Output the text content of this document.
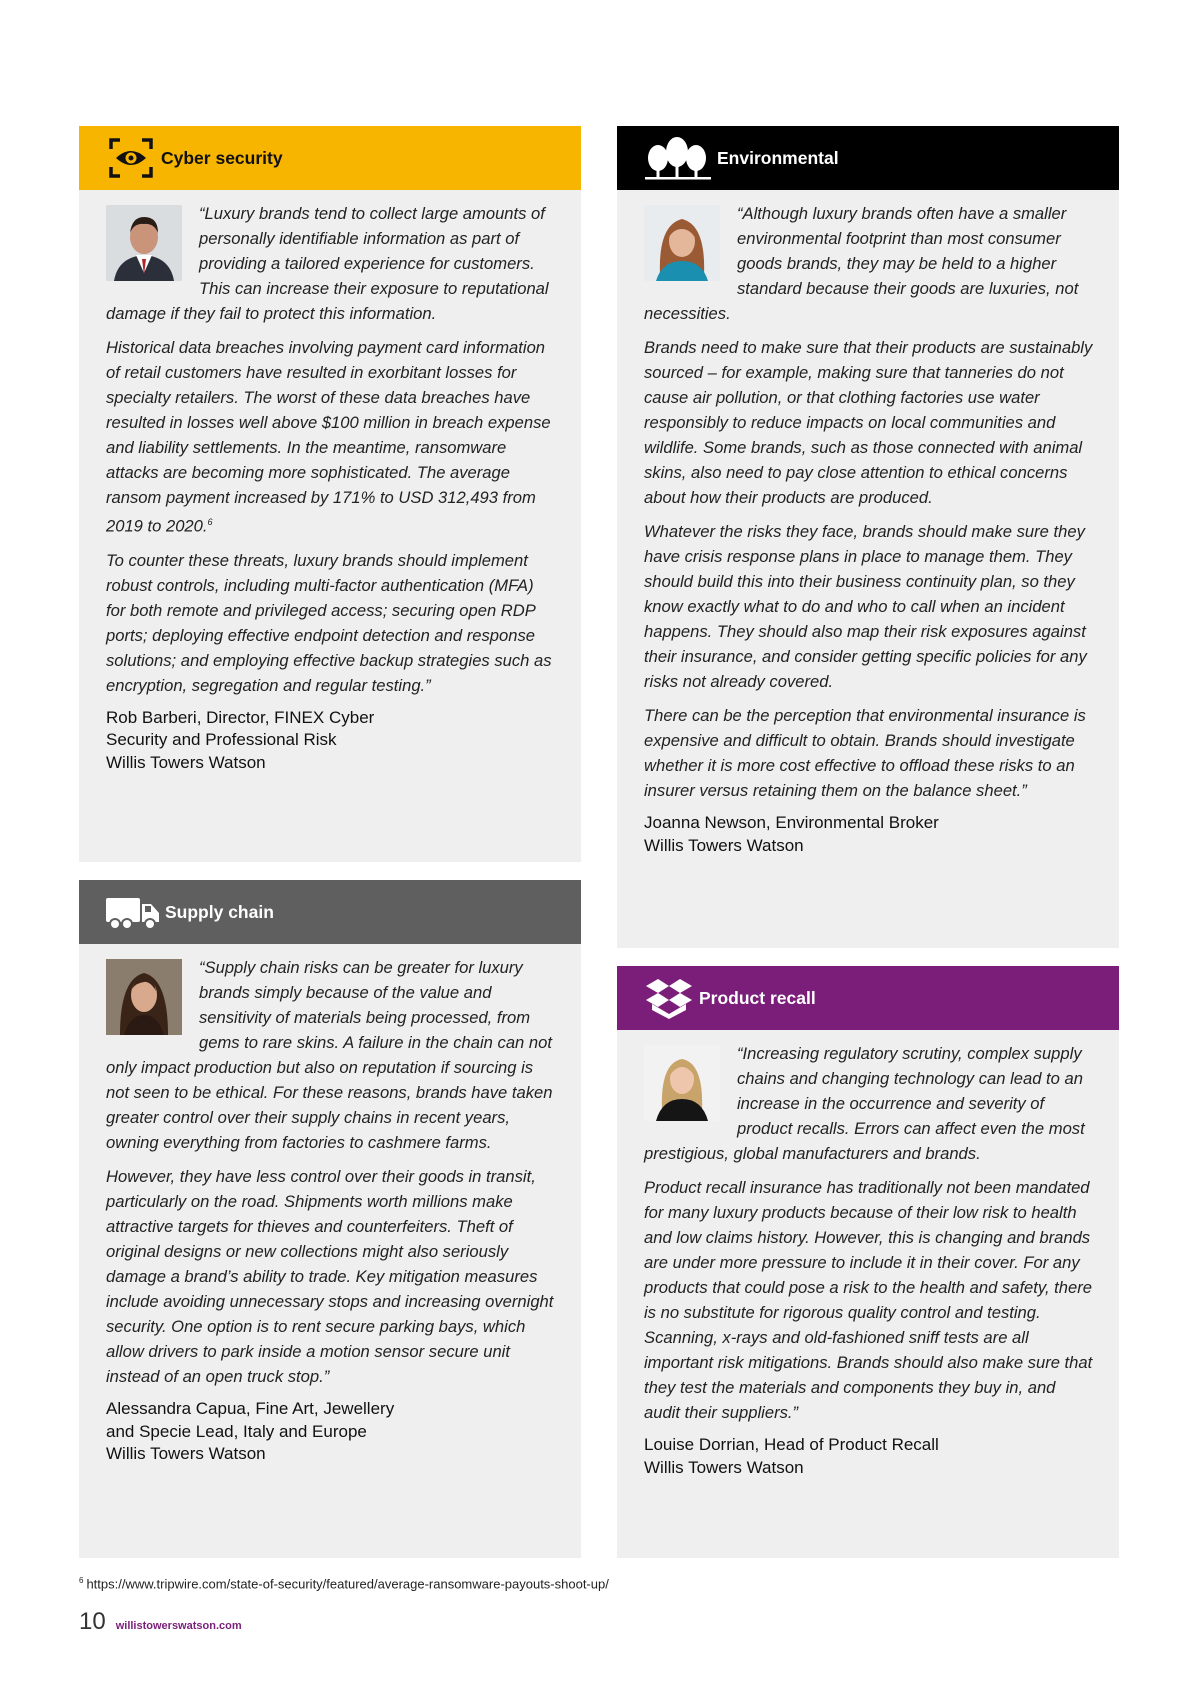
Cyber security

“Luxury brands tend to collect large amounts of personally identifiable information as part of providing a tailored experience for customers. This can increase their exposure to reputational damage if they fail to protect this information.

Historical data breaches involving payment card information of retail customers have resulted in exorbitant losses for specialty retailers. The worst of these data breaches have resulted in losses well above $100 million in breach expense and liability settlements. In the meantime, ransomware attacks are becoming more sophisticated. The average ransom payment increased by 171% to USD 312,493 from 2019 to 2020.$^6$

To counter these threats, luxury brands should implement robust controls, including multi-factor authentication (MFA) for both remote and privileged access; securing open RDP ports; deploying effective endpoint detection and response solutions; and employing effective backup strategies such as encryption, segregation and regular testing.”

Rob Barberi, Director, FINEX Cyber
Security and Professional Risk
Willis Towers Watson
Supply chain

“Supply chain risks can be greater for luxury brands simply because of the value and sensitivity of materials being processed, from gems to rare skins. A failure in the chain can not only impact production but also on reputation if sourcing is not seen to be ethical. For these reasons, brands have taken greater control over their supply chains in recent years, owning everything from factories to cashmere farms.

However, they have less control over their goods in transit, particularly on the road. Shipments worth millions make attractive targets for thieves and counterfeiters. Theft of original designs or new collections might also seriously damage a brand’s ability to trade. Key mitigation measures include avoiding unnecessary stops and increasing overnight security. One option is to rent secure parking bays, which allow drivers to park inside a motion sensor secure unit instead of an open truck stop.”

Alessandra Capua, Fine Art, Jewellery
and Specie Lead, Italy and Europe
Willis Towers Watson
Environmental

“Although luxury brands often have a smaller environmental footprint than most consumer goods brands, they may be held to a higher standard because their goods are luxuries, not necessities.

Brands need to make sure that their products are sustainably sourced – for example, making sure that tanneries do not cause air pollution, or that clothing factories use water responsibly to reduce impacts on local communities and wildlife. Some brands, such as those connected with animal skins, also need to pay close attention to ethical concerns about how their products are produced.

Whatever the risks they face, brands should make sure they have crisis response plans in place to manage them. They should build this into their business continuity plan, so they know exactly what to do and who to call when an incident happens. They should also map their risk exposures against their insurance, and consider getting specific policies for any risks not already covered.

There can be the perception that environmental insurance is expensive and difficult to obtain. Brands should investigate whether it is more cost effective to offload these risks to an insurer versus retaining them on the balance sheet.”

Joanna Newson, Environmental Broker
Willis Towers Watson
Product recall

“Increasing regulatory scrutiny, complex supply chains and changing technology can lead to an increase in the occurrence and severity of product recalls. Errors can affect even the most prestigious, global manufacturers and brands.

Product recall insurance has traditionally not been mandated for many luxury products because of their low risk to health and low claims history. However, this is changing and brands are under more pressure to include it in their cover. For any products that could pose a risk to the health and safety, there is no substitute for rigorous quality control and testing. Scanning, x-rays and old-fashioned sniff tests are all important risk mitigations. Brands should also make sure that they test the materials and components they buy in, and audit their suppliers.”

Louise Dorrian, Head of Product Recall
Willis Towers Watson
$^6$ https://www.tripwire.com/state-of-security/featured/average-ransomware-payouts-shoot-up/
10 willistowerswatson.com
